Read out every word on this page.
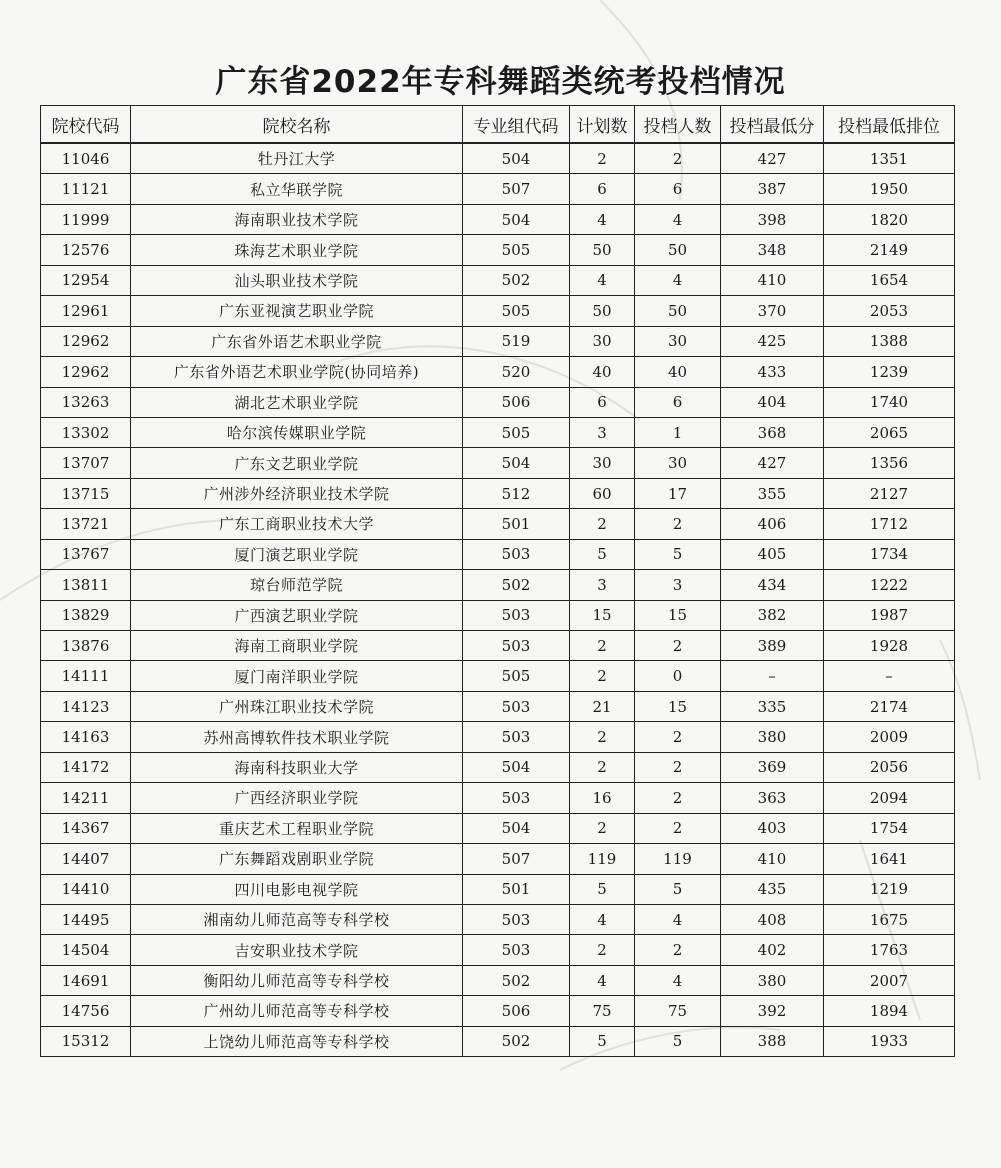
广东省2022年专科舞蹈类统考投档情况
院校代码	院校名称	专业组代码	计划数	投档人数	投档最低分	投档最低排位
11046	牡丹江大学	504	2	2	427	1351
11121	私立华联学院	507	6	6	387	1950
11999	海南职业技术学院	504	4	4	398	1820
12576	珠海艺术职业学院	505	50	50	348	2149
12954	汕头职业技术学院	502	4	4	410	1654
12961	广东亚视演艺职业学院	505	50	50	370	2053
12962	广东省外语艺术职业学院	519	30	30	425	1388
12962	广东省外语艺术职业学院(协同培养)	520	40	40	433	1239
13263	湖北艺术职业学院	506	6	6	404	1740
13302	哈尔滨传媒职业学院	505	3	1	368	2065
13707	广东文艺职业学院	504	30	30	427	1356
13715	广州涉外经济职业技术学院	512	60	17	355	2127
13721	广东工商职业技术大学	501	2	2	406	1712
13767	厦门演艺职业学院	503	5	5	405	1734
13811	琼台师范学院	502	3	3	434	1222
13829	广西演艺职业学院	503	15	15	382	1987
13876	海南工商职业学院	503	2	2	389	1928
14111	厦门南洋职业学院	505	2	0	–	–
14123	广州珠江职业技术学院	503	21	15	335	2174
14163	苏州高博软件技术职业学院	503	2	2	380	2009
14172	海南科技职业大学	504	2	2	369	2056
14211	广西经济职业学院	503	16	2	363	2094
14367	重庆艺术工程职业学院	504	2	2	403	1754
14407	广东舞蹈戏剧职业学院	507	119	119	410	1641
14410	四川电影电视学院	501	5	5	435	1219
14495	湘南幼儿师范高等专科学校	503	4	4	408	1675
14504	吉安职业技术学院	503	2	2	402	1763
14691	衡阳幼儿师范高等专科学校	502	4	4	380	2007
14756	广州幼儿师范高等专科学校	506	75	75	392	1894
15312	上饶幼儿师范高等专科学校	502	5	5	388	1933
